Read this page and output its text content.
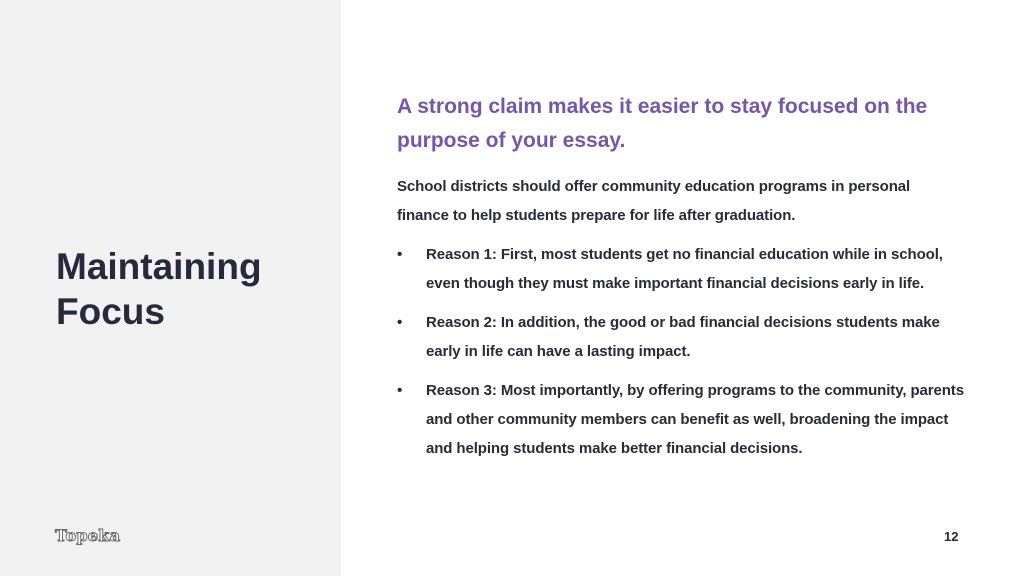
Maintaining Focus
Topeka

A strong claim makes it easier to stay focused on the purpose of your essay.

School districts should offer community education programs in personal finance to help students prepare for life after graduation.

• Reason 1: First, most students get no financial education while in school, even though they must make important financial decisions early in life.
• Reason 2: In addition, the good or bad financial decisions students make early in life can have a lasting impact.
• Reason 3: Most importantly, by offering programs to the community, parents and other community members can benefit as well, broadening the impact and helping students make better financial decisions.
12
